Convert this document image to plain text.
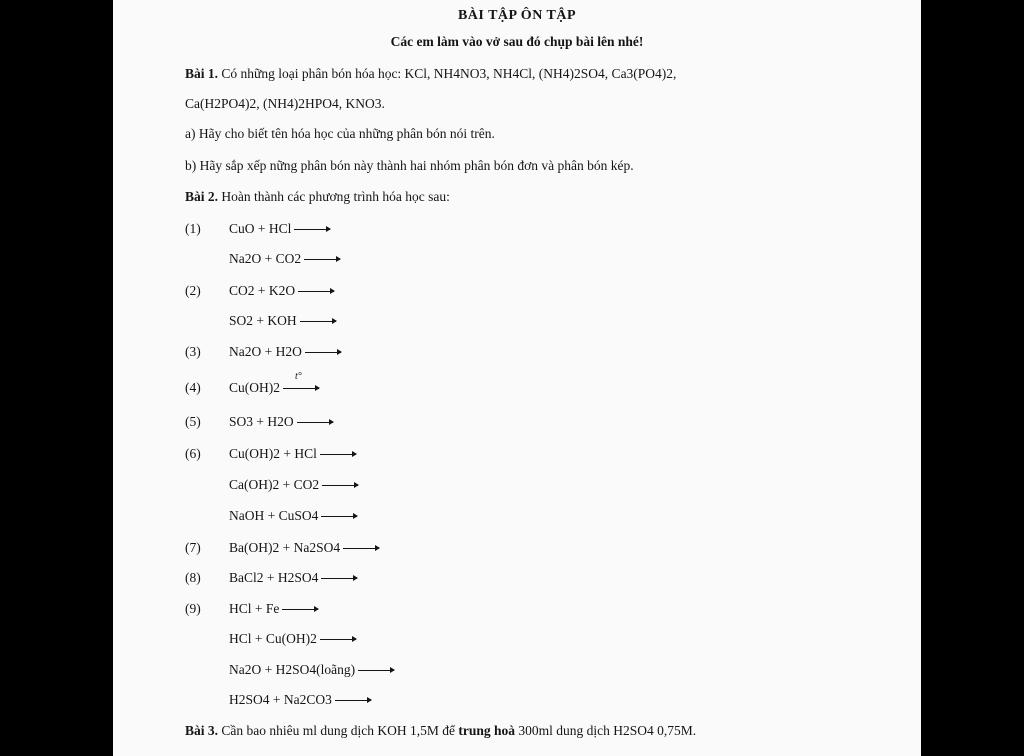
BÀI TẬP ÔN TẬP
Các em làm vào vở sau đó chụp bài lên nhé!
Bài 1. Có những loại phân bón hóa học: KCl, NH4NO3, NH4Cl, (NH4)2SO4, Ca3(PO4)2,
Ca(H2PO4)2, (NH4)2HPO4, KNO3.
a) Hãy cho biết tên hóa học của những phân bón nói trên.
b) Hãy sắp xếp nững phân bón này thành hai nhóm phân bón đơn và phân bón kép.
Bài 2. Hoàn thành các phương trình hóa học sau:
(1) CuO + HCl →
Na2O + CO2 →
(2) CO2 + K2O →
SO2 + KOH →
(3) Na2O + H2O →
(4) Cu(OH)2
t°
(5) SO3 + H2O →
(6) Cu(OH)2 + HCl →
Ca(OH)2 + CO2 →
NaOH + CuSO4 →
(7) Ba(OH)2 + Na2SO4 →
(8) BaCl2 + H2SO4 →
(9) HCl + Fe →
HCl + Cu(OH)2 →
Na2O + H2SO4(loãng) →
H2SO4 + Na2CO3 →
Bài 3. Cần bao nhiêu ml dung dịch KOH 1,5M để trung hoà 300ml dung dịch H2SO4 0,75M.
